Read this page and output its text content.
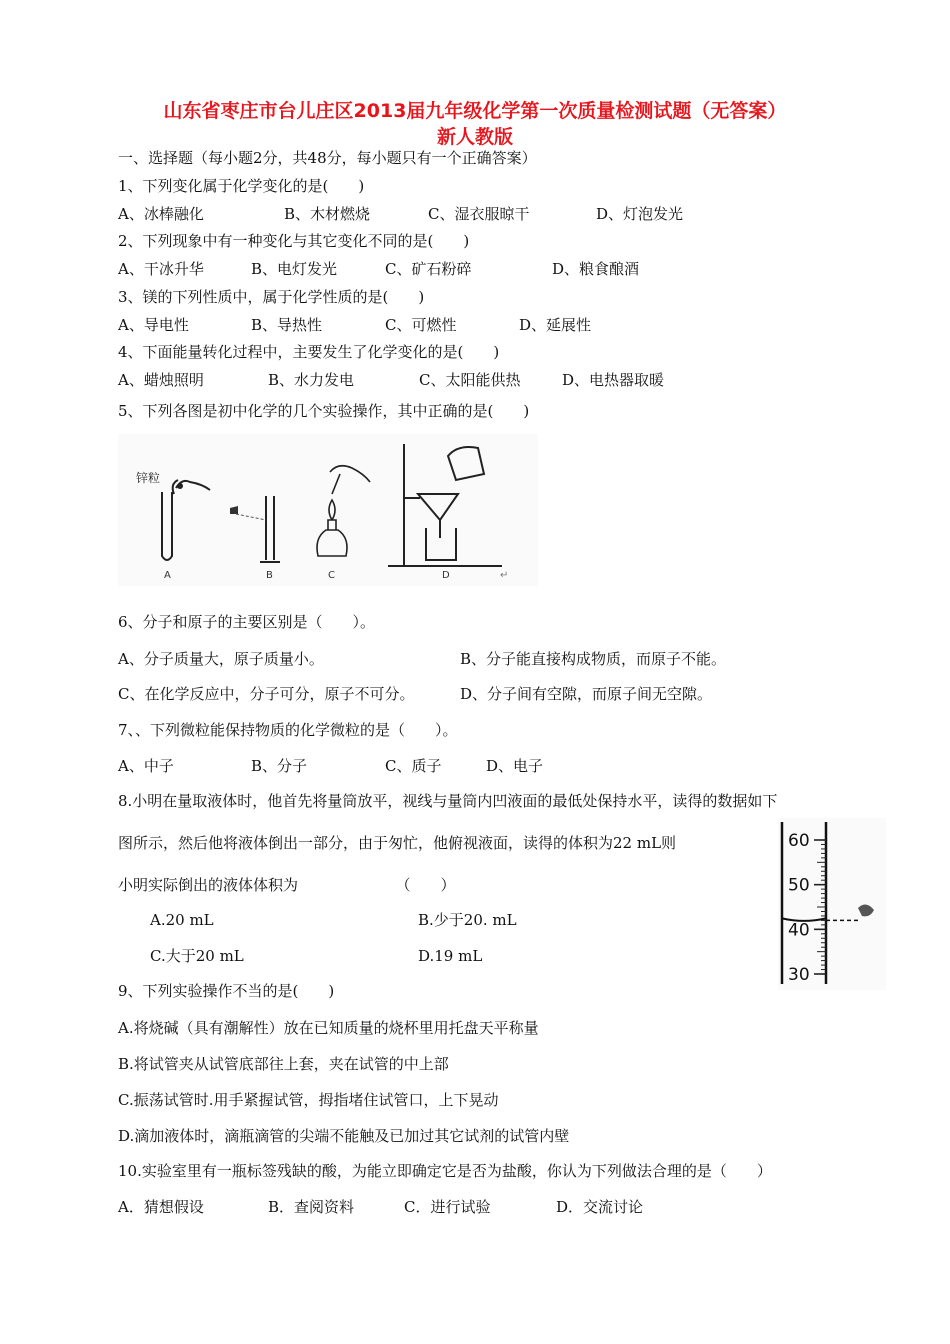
山东省枣庄市台儿庄区2013届九年级化学第一次质量检测试题（无答案）
新人教版
一、选择题（每小题2分，共48分，每小题只有一个正确答案）
1、下列变化属于化学变化的是(　　)
A、冰棒融化	B、木材燃烧	C、湿衣服晾干	D、灯泡发光
2、下列现象中有一种变化与其它变化不同的是(　　)
A、干冰升华	B、电灯发光	C、矿石粉碎	D、粮食酿酒
3、镁的下列性质中，属于化学性质的是(　　)
A、导电性	B、导热性	C、可燃性	D、延展性
4、下面能量转化过程中，主要发生了化学变化的是(　　)
A、蜡烛照明	B、水力发电	C、太阳能供热	D、电热器取暖
5、下列各图是初中化学的几个实验操作，其中正确的是(　　)
锌粒
A	B	C	D	↵
6、分子和原子的主要区别是（　　）。
A、分子质量大，原子质量小。	B、分子能直接构成物质，而原子不能。
C、在化学反应中，分子可分，原子不可分。	D、分子间有空隙，而原子间无空隙。
7、、下列微粒能保持物质的化学微粒的是（　　）。
A、中子	B、分子	C、质子	D、电子
8.小明在量取液体时，他首先将量筒放平，视线与量筒内凹液面的最低处保持水平，读得的数据如下
图所示，然后他将液体倒出一部分，由于匆忙，他俯视液面，读得的体积为22 mL则
小明实际倒出的液体体积为　　　　　　　（　　）
A.20 mL	B.少于20. mL
C.大于20 mL	D.19 mL
60
50
40
30
9、下列实验操作不当的是(　　)
A.将烧碱（具有潮解性）放在已知质量的烧杯里用托盘天平称量
B.将试管夹从试管底部往上套，夹在试管的中上部
C.振荡试管时.用手紧握试管，拇指堵住试管口，上下晃动
D.滴加液体时，滴瓶滴管的尖端不能触及已加过其它试剂的试管内壁
10.实验室里有一瓶标签残缺的酸，为能立即确定它是否为盐酸，你认为下列做法合理的是（　　）
A．猜想假设	B．查阅资料	C．进行试验	D．交流讨论
